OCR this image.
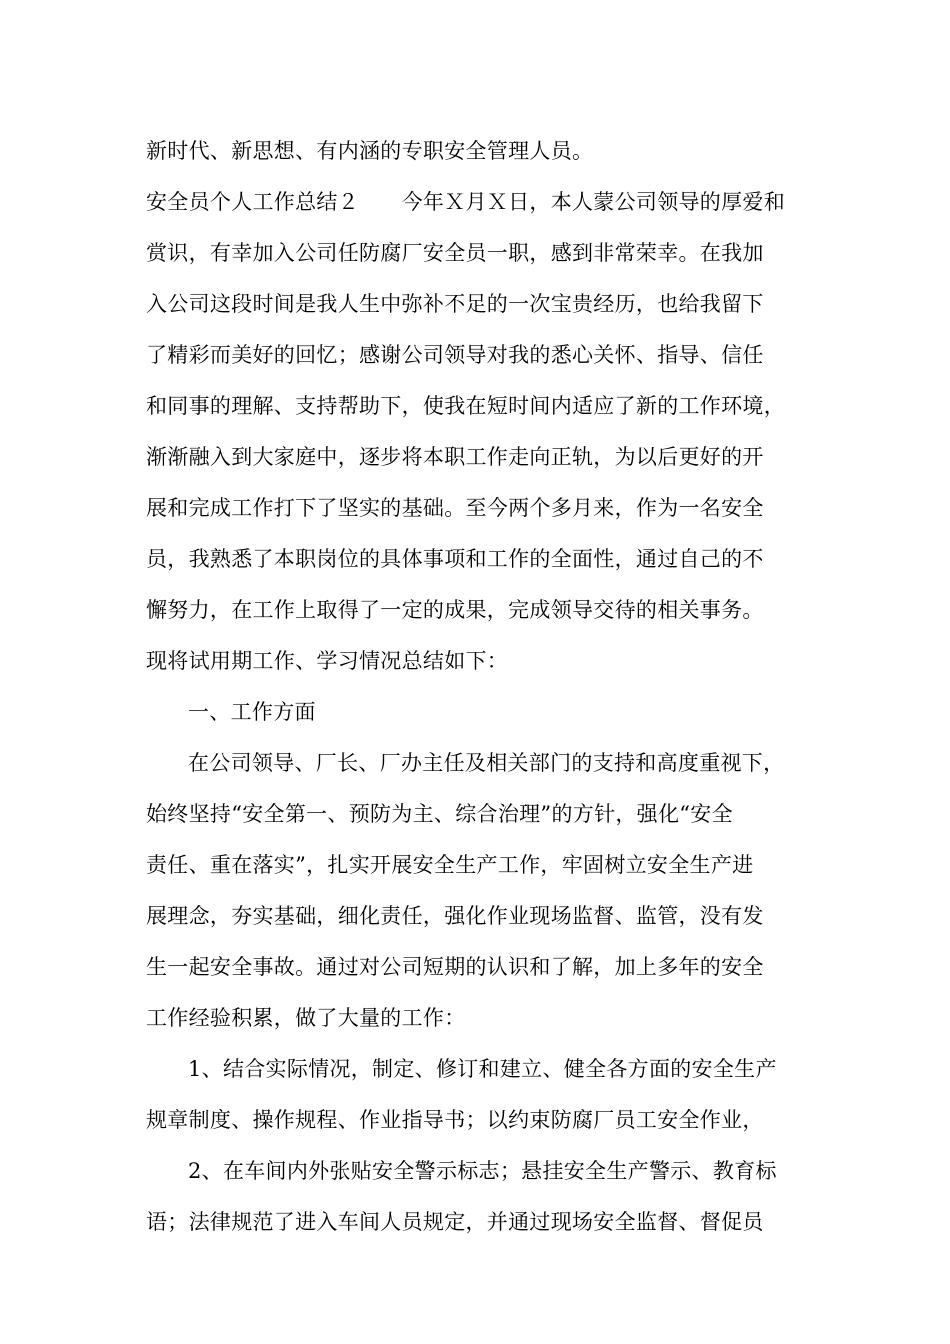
新时代、新思想、有内涵的专职安全管理人员。
安全员个人工作总结２　　今年Ｘ月Ｘ日，本人蒙公司领导的厚爱和
赏识，有幸加入公司任防腐厂安全员一职，感到非常荣幸。在我加
入公司这段时间是我人生中弥补不足的一次宝贵经历，也给我留下
了精彩而美好的回忆；感谢公司领导对我的悉心关怀、指导、信任
和同事的理解、支持帮助下，使我在短时间内适应了新的工作环境，
渐渐融入到大家庭中，逐步将本职工作走向正轨，为以后更好的开
展和完成工作打下了坚实的基础。至今两个多月来，作为一名安全
员，我熟悉了本职岗位的具体事项和工作的全面性，通过自己的不
懈努力，在工作上取得了一定的成果，完成领导交待的相关事务。
现将试用期工作、学习情况总结如下：
一、工作方面
在公司领导、厂长、厂办主任及相关部门的支持和高度重视下，
始终坚持“安全第一、预防为主、综合治理”的方针，强化“安全
责任、重在落实”，扎实开展安全生产工作，牢固树立安全生产进
展理念，夯实基础，细化责任，强化作业现场监督、监管，没有发
生一起安全事故。通过对公司短期的认识和了解，加上多年的安全
工作经验积累，做了大量的工作：
1、结合实际情况，制定、修订和建立、健全各方面的安全生产
规章制度、操作规程、作业指导书；以约束防腐厂员工安全作业，
2、在车间内外张贴安全警示标志；悬挂安全生产警示、教育标
语；法律规范了进入车间人员规定，并通过现场安全监督、督促员
